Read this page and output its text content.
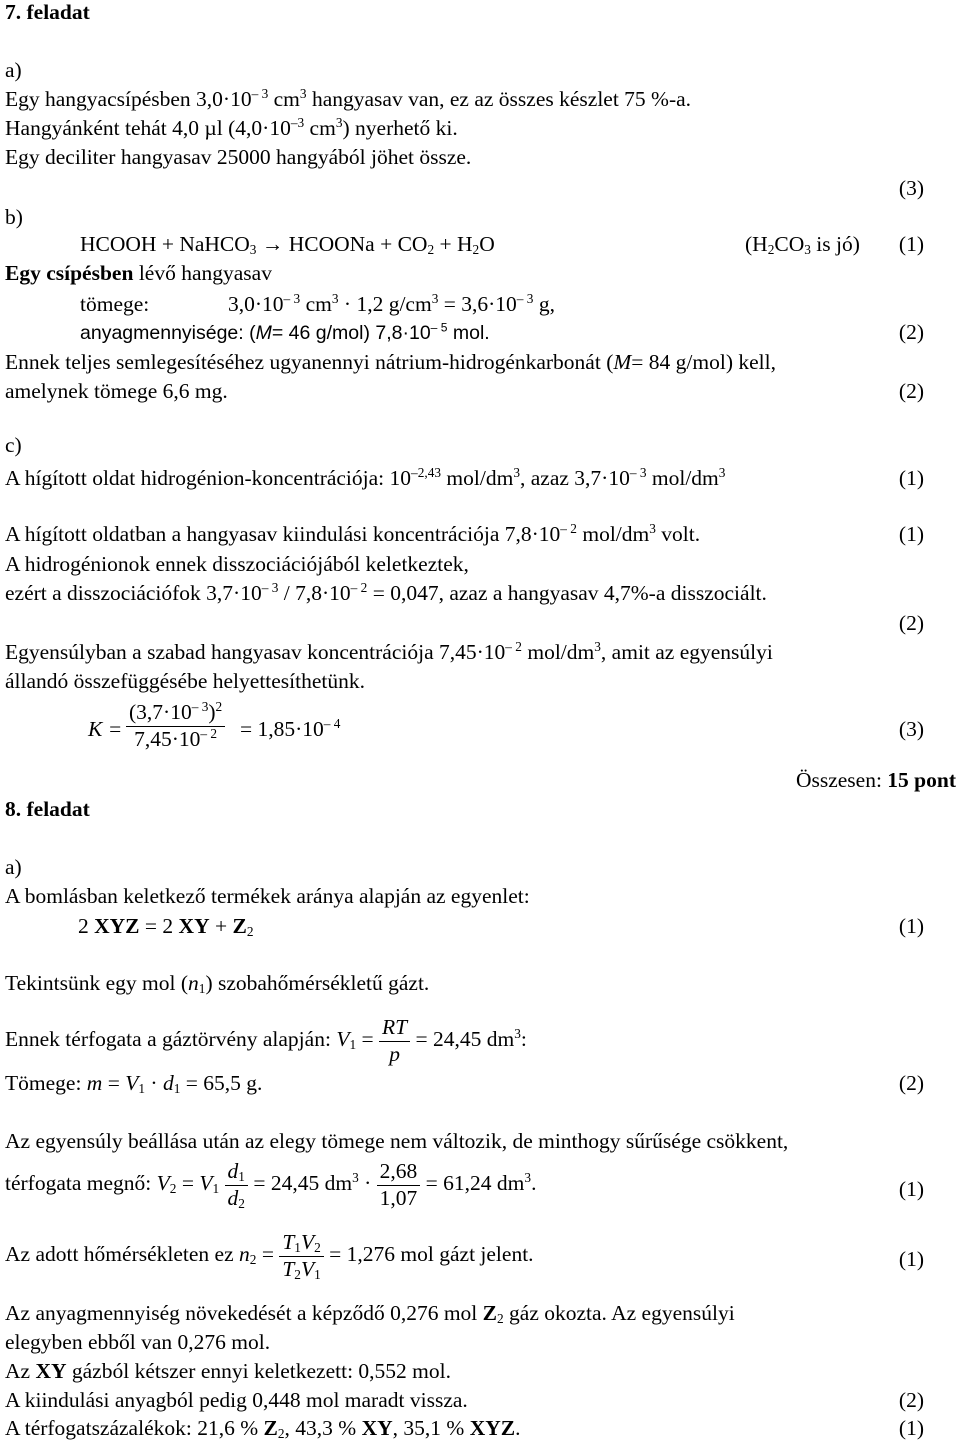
7. feladat
a)
Egy hangyacsípésben $3,0\cdot 10^{- 3}$ $cm^3$ hangyasav van, ez az összes készlet 75 %-a.
Hangyánként tehát 4,0 µl ($4,0\cdot 10^{-3}$ $cm^3$) nyerhető ki.
Egy deciliter hangyasav 25000 hangyából jöhet össze.
(3)
b)
HCOOH + NaHCO$_3$ → HCOONa + $CO_2 + H_2O$	($H_2CO_3$ is jó) (1)
Egy csípésben lévő hangyasav
tömege:	$3,0\cdot 10^{- 3}$ $cm^3 \cdot 1,2$ $g/cm^3 = 3,6\cdot 10^{- 3}$ g,
anyagmennyisége: (M= 46 g/mol) $7,8\cdot 10^{- 5}$ mol.	(2)
Ennek teljes semlegesítéséhez ugyanennyi nátrium-hidrogénkarbonát (M= 84 g/mol) kell,
amelynek tömege 6,6 mg.	(2)
c)
A hígított oldat hidrogénion-koncentrációja: $10^{-2,43}$ mol/$dm^3$, azaz $3,7\cdot 10^{- 3}$ mol/$dm^3$	(1)
A hígított oldatban a hangyasav kiindulási koncentrációja $7,8\cdot 10^{- 2}$ mol/$dm^3$ volt.	(1)
A hidrogénionok ennek disszociációjából keletkeztek,
ezért a disszociációfok $3,7\cdot 10^{- 3} / 7,8\cdot 10^{- 2} = 0,047$, azaz a hangyasav 4,7%-a disszociált.
(2)
Egyensúlyban a szabad hangyasav koncentrációja $7,45\cdot 10^{- 2}$ mol/$dm^3$, amit az egyensúlyi
állandó összefüggésébe helyettesíthetünk.
$K = \frac{(3,7\cdot 10^{- 3})^2}{7,45\cdot 10^{- 2}} = 1,85\cdot 10^{- 4}$	(3)
Összesen: 15 pont
8. feladat
a)
A bomlásban keletkező termékek aránya alapján az egyenlet:
2 XYZ = 2 XY + $Z_2$	(1)
Tekintsünk egy mol $(n_1)$ szobahőmérsékletű gázt.
Ennek térfogata a gáztörvény alapján: $V_1 = \frac{RT}{p} = 24,45$ $dm^3$:
Tömege: $m = V_1 \cdot d_1 = 65,5$ g.	(2)
Az egyensúly beállása után az elegy tömege nem változik, de minthogy sűrűsége csökkent,
térfogata megnő: $V_2 = V_1 \frac{d_1}{d_2} = 24,45$ $dm^3 \cdot \frac{2,68}{1,07} = 61,24$ $dm^3$.	(1)
Az adott hőmérsékleten ez $n_2 = \frac{T_1V_2}{T_2V_1} = 1,276$ mol gázt jelent.	(1)
Az anyagmennyiség növekedését a képződő 0,276 mol $Z_2$ gáz okozta. Az egyensúlyi
elegyben ebből van 0,276 mol.
Az XY gázból kétszer ennyi keletkezett: 0,552 mol.
A kiindulási anyagból pedig 0,448 mol maradt vissza.	(2)
A térfogatszázalékok: 21,6 % $Z_2$, 43,3 % XY, 35,1 % XYZ.	(1)
